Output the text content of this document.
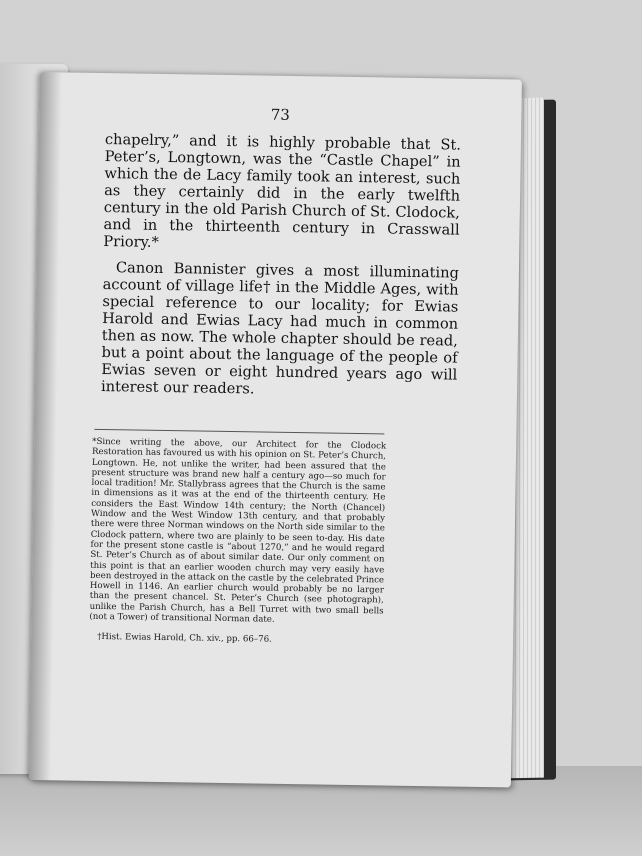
73

chapelry,” and it is highly probable that St. Peter’s, Longtown, was the “Castle Chapel” in which the de Lacy family took an interest, such as they certainly did in the early twelfth century in the old Parish Church of St. Clodock, and in the thirteenth century in Crasswall Priory.*

Canon Bannister gives a most illuminating account of village life† in the Middle Ages, with special reference to our locality; for Ewias Harold and Ewias Lacy had much in common then as now. The whole chapter should be read, but a point about the language of the people of Ewias seven or eight hundred years ago will interest our readers.

*Since writing the above, our Architect for the Clodock Restoration has favoured us with his opinion on St. Peter’s Church, Longtown. He, not unlike the writer, had been assured that the present structure was brand new half a century ago—so much for local tradition! Mr. Stallybrass agrees that the Church is the same in dimensions as it was at the end of the thirteenth century. He considers the East Window 14th century; the North (Chancel) Window and the West Window 13th century, and that probably there were three Norman windows on the North side similar to the Clodock pattern, where two are plainly to be seen to-day. His date for the present stone castle is “about 1270,” and he would regard St. Peter’s Church as of about similar date. Our only comment on this point is that an earlier wooden church may very easily have been destroyed in the attack on the castle by the celebrated Prince Howell in 1146. An earlier church would probably be no larger than the present chancel. St. Peter’s Church (see photograph), unlike the Parish Church, has a Bell Turret with two small bells (not a Tower) of transitional Norman date.

†Hist. Ewias Harold, Ch. xiv., pp. 66–76.
